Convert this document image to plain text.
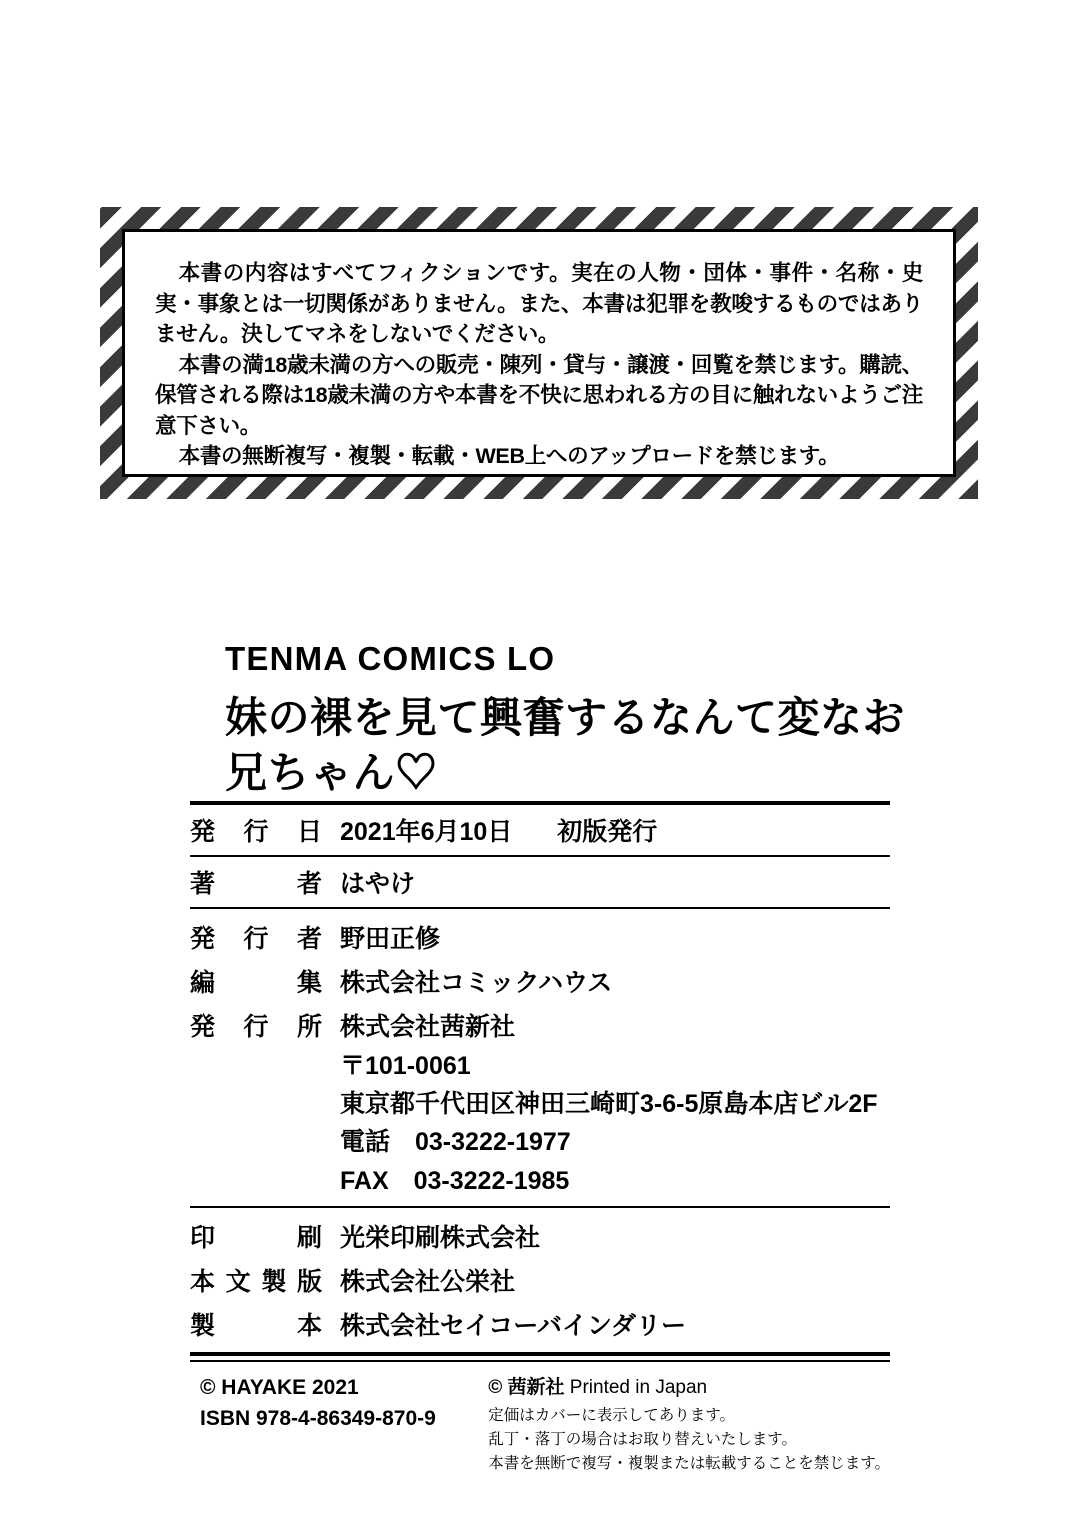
本書の内容はすべてフィクションです。実在の人物・団体・事件・名称・史実・事象とは一切関係がありません。また、本書は犯罪を教唆するものではありません。決してマネをしないでください。

本書の満18歳未満の方への販売・陳列・貸与・譲渡・回覧を禁じます。購読、保管される際は18歳未満の方や本書を不快に思われる方の目に触れないようご注意下さい。

本書の無断複写・複製・転載・WEB上へのアップロードを禁じます。

TENMA COMICS LO
妹の裸を見て興奮するなんて変なお兄ちゃん♡
発行日 2021年6月10日 初版発行
著　者 はやけ
発行者 野田正修
編　集 株式会社コミックハウス
発行所 株式会社茜新社
〒101-0061
東京都千代田区神田三崎町3-6-5原島本店ビル2F
電話　03-3222-1977
FAX　03-3222-1985
印　刷 光栄印刷株式会社
本文製版 株式会社公栄社
製　本 株式会社セイコーバインダリー
© HAYAKE 2021
ISBN 978-4-86349-870-9
© 茜新社 Printed in Japan
定価はカバーに表示してあります。
乱丁・落丁の場合はお取り替えいたします。
本書を無断で複写・複製または転載することを禁じます。
